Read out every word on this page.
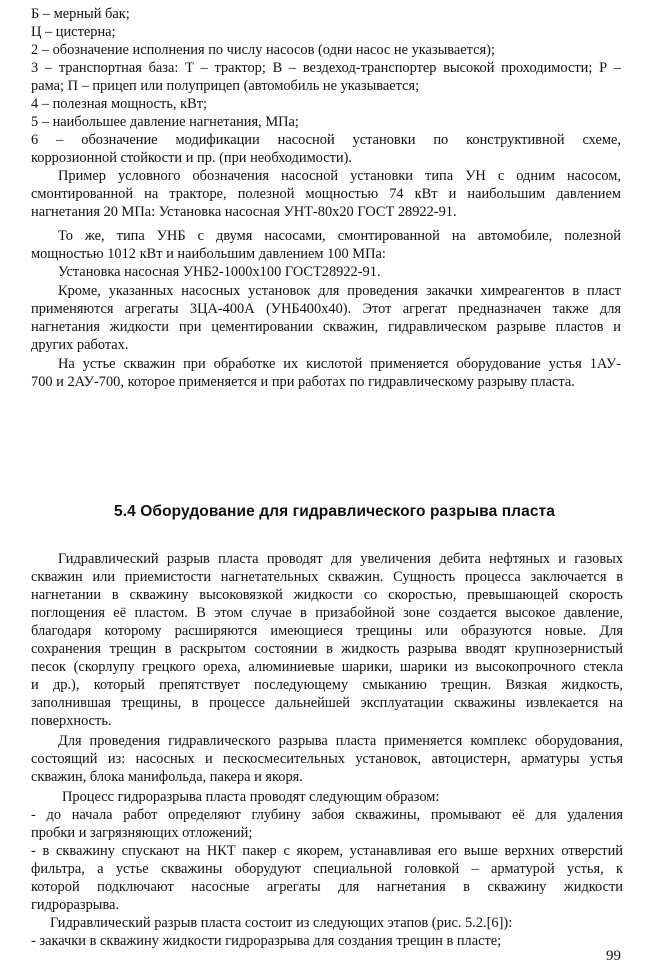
Б – мерный бак;
Ц – цистерна;
2 – обозначение исполнения по числу насосов (одни насос не указывается);
3 – транспортная база: Т – трактор; В – вездеход-транспортер высокой проходимости; Р –
рама; П – прицеп или полуприцеп (автомобиль не указывается;
4 – полезная мощность, кВт;
5 – наибольшее давление нагнетания, МПа;
6 – обозначение модификации насосной установки по конструктивной схеме,
коррозионной стойкости и пр. (при необходимости).
Пример условного обозначения насосной установки типа УН с одним насосом,
смонтированной на тракторе, полезной мощностью 74 кВт и наибольшим давлением
нагнетания 20 МПа: Установка насосная УНТ-80х20 ГОСТ 28922-91.
То же, типа УНБ с двумя насосами, смонтированной на автомобиле, полезной
мощностью 1012 кВт и наибольшим давлением 100 МПа:
Установка насосная УНБ2-1000х100 ГОСТ28922-91.
Кроме, указанных насосных установок для проведения закачки химреагентов в пласт
применяются агрегаты 3ЦА-400А (УНБ400х40). Этот агрегат предназначен также для
нагнетания жидкости при цементировании скважин, гидравлическом разрыве пластов и
других работах.
На устье скважин при обработке их кислотой применяется оборудование устья 1АУ-
700 и 2АУ-700, которое применяется и при работах по гидравлическому разрыву пласта.
5.4 Оборудование для гидравлического разрыва пласта
Гидравлический разрыв пласта проводят для увеличения дебита нефтяных и газовых
скважин или приемистости нагнетательных скважин. Сущность процесса заключается в
нагнетании в скважину высоковязкой жидкости со скоростью, превышающей скорость
поглощения её пластом. В этом случае в призабойной зоне создается высокое давление,
благодаря которому расширяются имеющиеся трещины или образуются новые. Для
сохранения трещин в раскрытом состоянии в жидкость разрыва вводят крупнозернистый
песок (скорлупу грецкого ореха, алюминиевые шарики, шарики из высокопрочного стекла
и др.), который препятствует последующему смыканию трещин. Вязкая жидкость,
заполнившая трещины, в процессе дальнейшей эксплуатации скважины извлекается на
поверхность.
Для проведения гидравлического разрыва пласта применяется комплекс оборудования,
состоящий из: насосных и пескосмесительных установок, автоцистерн, арматуры устья
скважин, блока манифольда, пакера и якоря.
Процесс гидроразрыва пласта проводят следующим образом:
- до начала работ определяют глубину забоя скважины, промывают её для удаления
пробки и загрязняющих отложений;
- в скважину спускают на НКТ пакер с якорем, устанавливая его выше верхних отверстий
фильтра, а устье скважины оборудуют специальной головкой – арматурой устья, к
которой подключают насосные агрегаты для нагнетания в скважину жидкости
гидроразрыва.
Гидравлический разрыв пласта состоит из следующих этапов (рис. 5.2.[6]):
- закачки в скважину жидкости гидроразрыва для создания трещин в пласте;
99
